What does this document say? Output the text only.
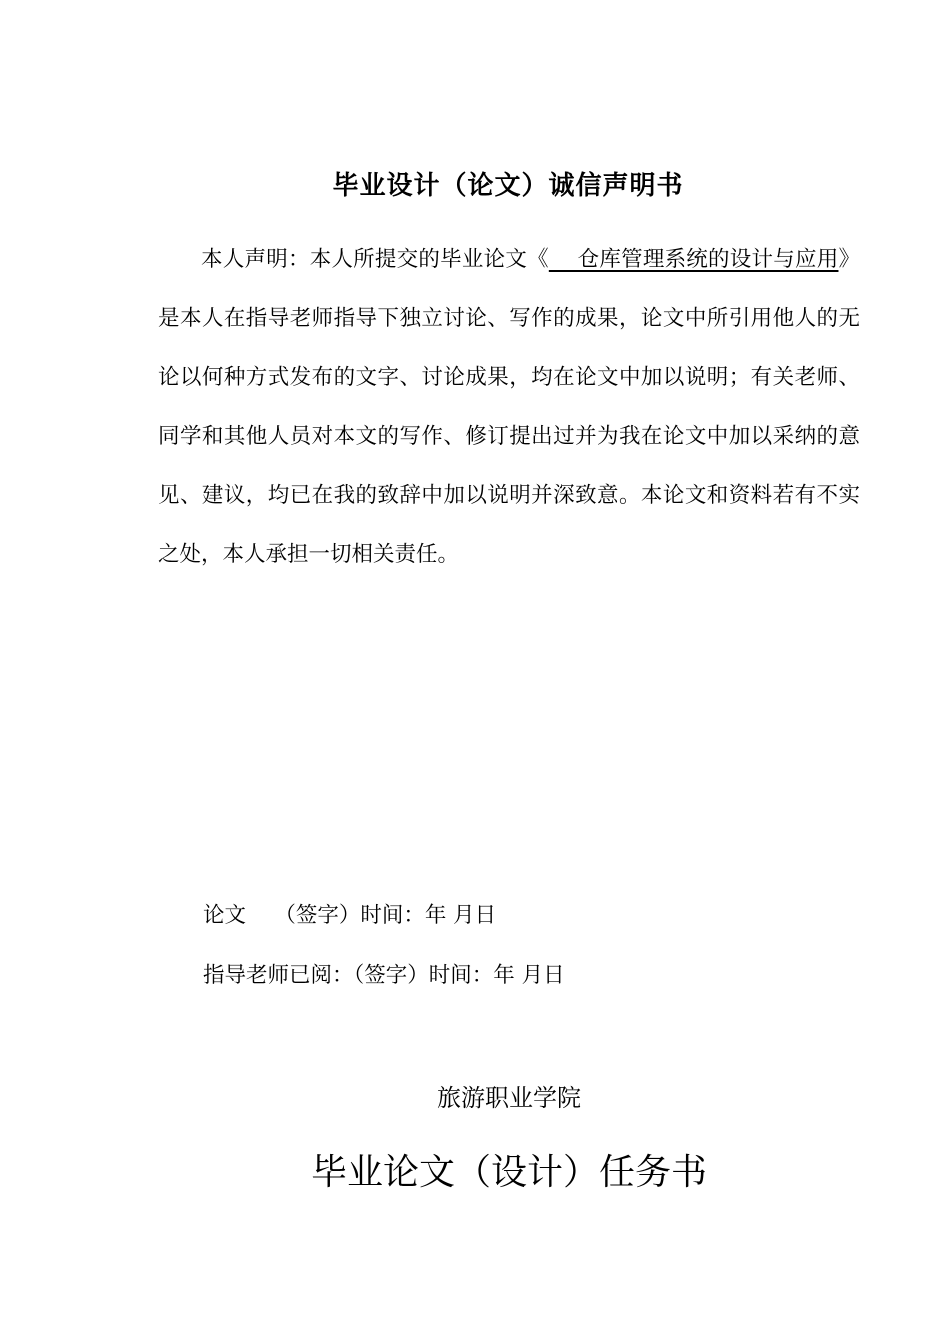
毕业设计（论文）诚信声明书

本人声明：本人所提交的毕业论文《　 仓库管理系统的设计与应用》是本人在指导老师指导下独立讨论、写作的成果，论文中所引用他人的无论以何种方式发布的文字、讨论成果，均在论文中加以说明；有关老师、同学和其他人员对本文的写作、修订提出过并为我在论文中加以采纳的意见、建议，均已在我的致辞中加以说明并深致意。本论文和资料若有不实之处，本人承担一切相关责任。

论文　 （签字）时间：年 月日
指导老师已阅：（签字）时间：年 月日
旅游职业学院
毕业论文（设计）任务书
